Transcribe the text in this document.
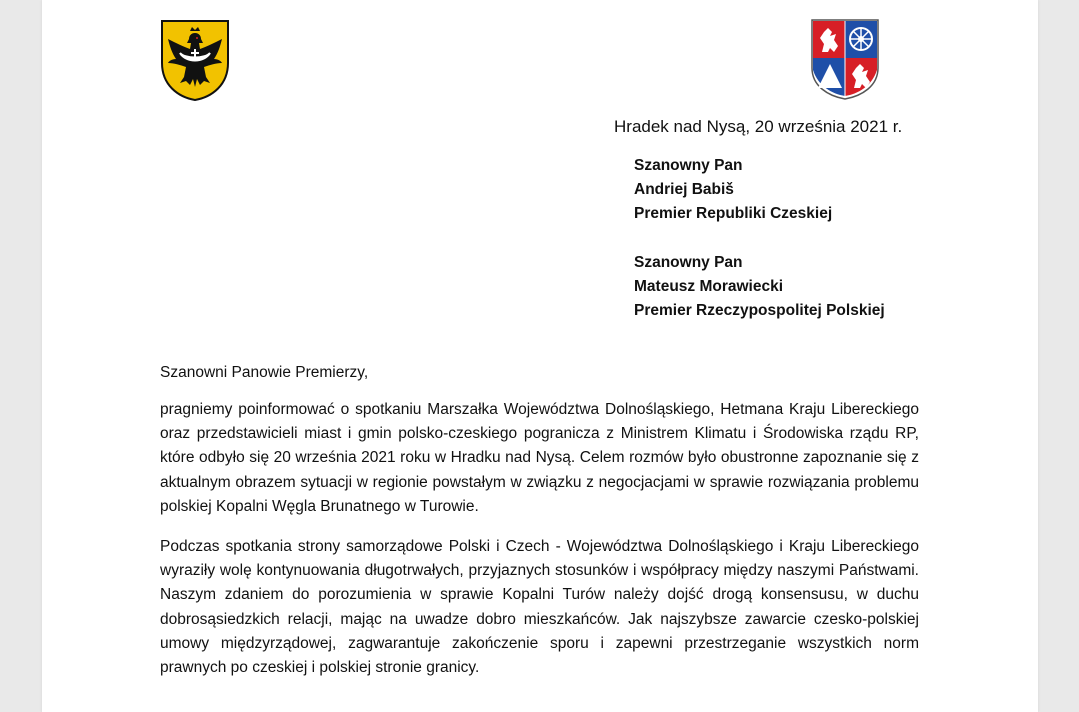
Hradek nad Nysą, 20 września 2021 r.
Szanowny Pan
Andriej Babiš
Premier Republiki Czeskiej
Szanowny Pan
Mateusz Morawiecki
Premier Rzeczypospolitej Polskiej
Szanowni Panowie Premierzy,

pragniemy poinformować o spotkaniu Marszałka Województwa Dolnośląskiego, Hetmana Kraju Libereckiego oraz przedstawicieli miast i gmin polsko-czeskiego pogranicza z Ministrem Klimatu i Środowiska rządu RP, które odbyło się 20 września 2021 roku w Hradku nad Nysą. Celem rozmów było obustronne zapoznanie się z aktualnym obrazem sytuacji w regionie powstałym w związku z negocjacjami w sprawie rozwiązania problemu polskiej Kopalni Węgla Brunatnego w Turowie.

Podczas spotkania strony samorządowe Polski i Czech - Województwa Dolnośląskiego i Kraju Libereckiego wyraziły wolę kontynuowania długotrwałych, przyjaznych stosunków i współpracy między naszymi Państwami. Naszym zdaniem do porozumienia w sprawie Kopalni Turów należy dojść drogą konsensusu, w duchu dobrosąsiedzkich relacji, mając na uwadze dobro mieszkańców. Jak najszybsze zawarcie czesko-polskiej umowy międzyrządowej, zagwarantuje zakończenie sporu i zapewni przestrzeganie wszystkich norm prawnych po czeskiej i polskiej stronie granicy.
